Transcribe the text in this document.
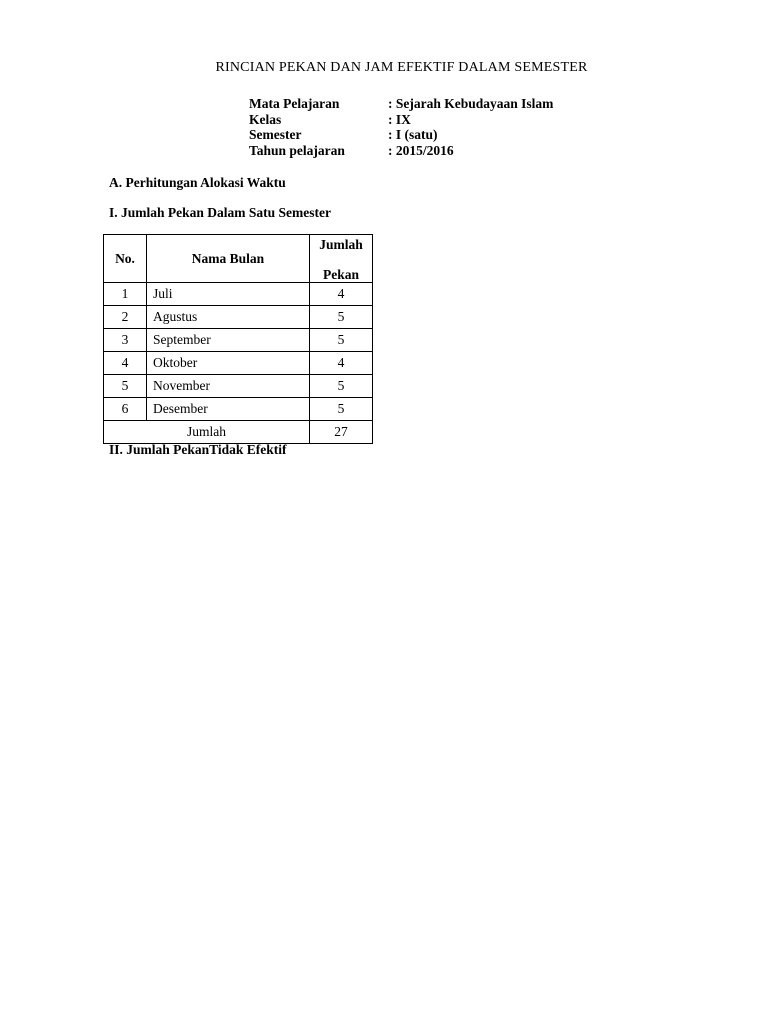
RINCIAN PEKAN DAN JAM EFEKTIF DALAM SEMESTER
Mata Pelajaran	: Sejarah Kebudayaan Islam
Kelas	: IX
Semester	: I (satu)
Tahun pelajaran	: 2015/2016
A. Perhitungan Alokasi Waktu
I. Jumlah Pekan Dalam Satu Semester
No.	Nama Bulan	Jumlah
Pekan

1	Juli	4
2	Agustus	5
3	September	5
4	Oktober	4
5	November	5
6	Desember	5
Jumlah		27
II. Jumlah PekanTidak Efektif
